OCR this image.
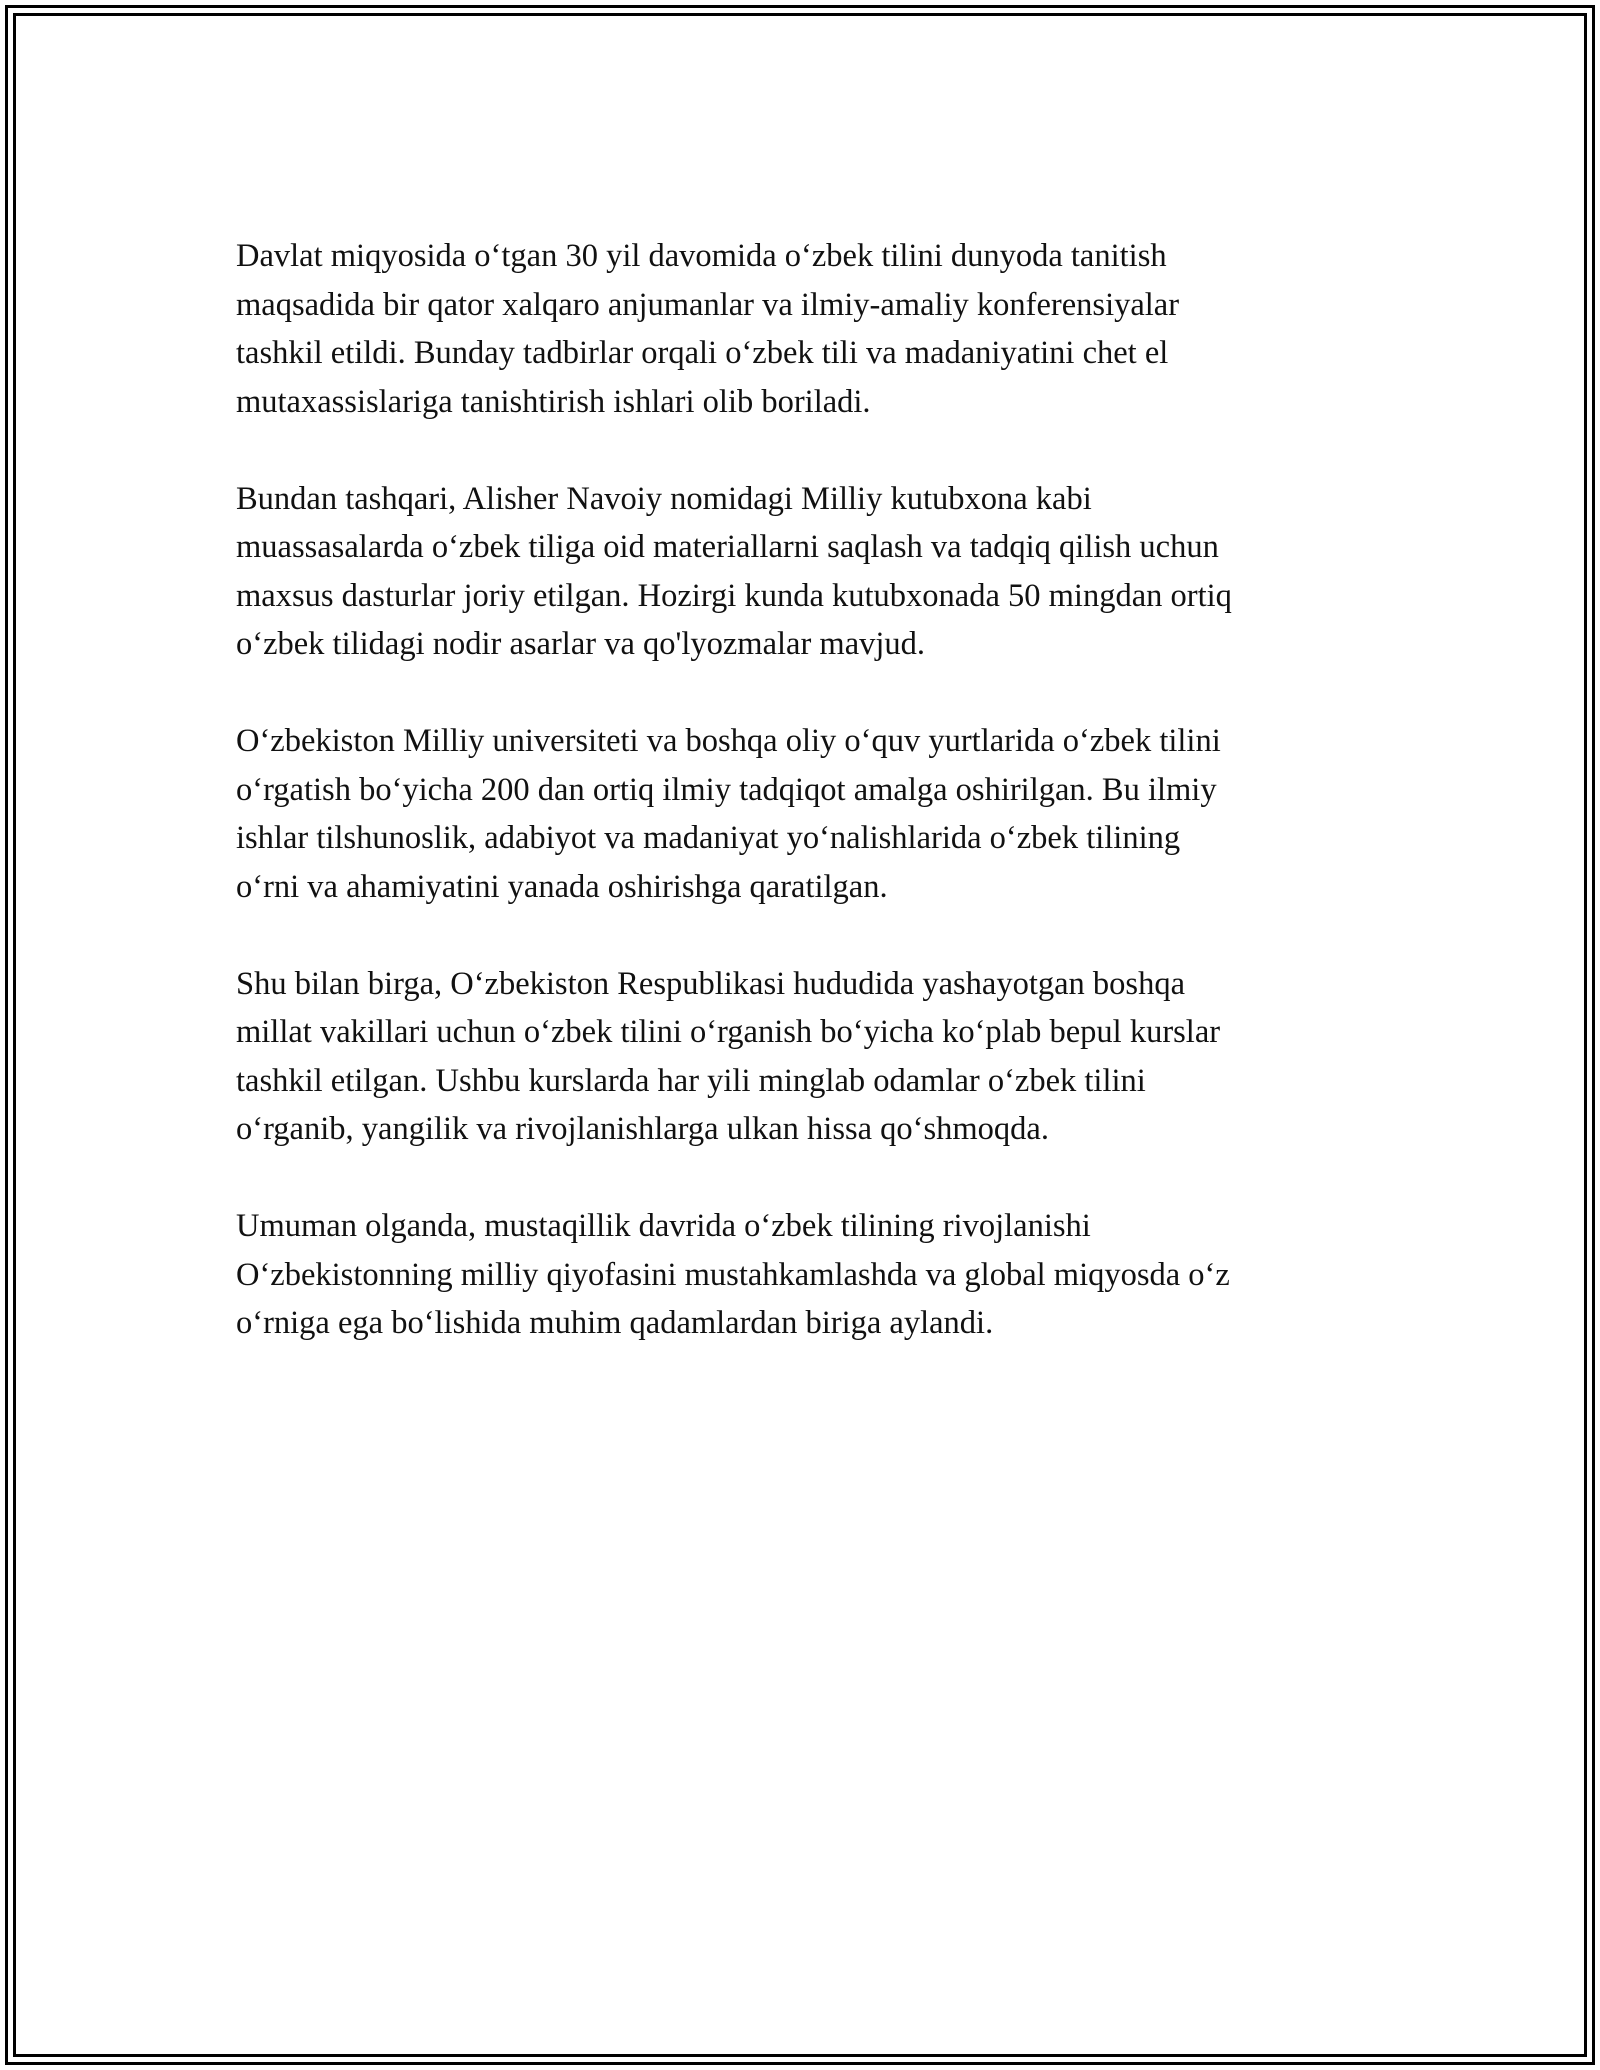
Davlat miqyosida o‘tgan 30 yil davomida o‘zbek tilini dunyoda tanitish
maqsadida bir qator xalqaro anjumanlar va ilmiy-amaliy konferensiyalar
tashkil etildi. Bunday tadbirlar orqali o‘zbek tili va madaniyatini chet el
mutaxassislariga tanishtirish ishlari olib boriladi.

Bundan tashqari, Alisher Navoiy nomidagi Milliy kutubxona kabi
muassasalarda o‘zbek tiliga oid materiallarni saqlash va tadqiq qilish uchun
maxsus dasturlar joriy etilgan. Hozirgi kunda kutubxonada 50 mingdan ortiq
o‘zbek tilidagi nodir asarlar va qo'lyozmalar mavjud.

O‘zbekiston Milliy universiteti va boshqa oliy o‘quv yurtlarida o‘zbek tilini
o‘rgatish bo‘yicha 200 dan ortiq ilmiy tadqiqot amalga oshirilgan. Bu ilmiy
ishlar tilshunoslik, adabiyot va madaniyat yo‘nalishlarida o‘zbek tilining
o‘rni va ahamiyatini yanada oshirishga qaratilgan.

Shu bilan birga, O‘zbekiston Respublikasi hududida yashayotgan boshqa
millat vakillari uchun o‘zbek tilini o‘rganish bo‘yicha ko‘plab bepul kurslar
tashkil etilgan. Ushbu kurslarda har yili minglab odamlar o‘zbek tilini
o‘rganib, yangilik va rivojlanishlarga ulkan hissa qo‘shmoqda.

Umuman olganda, mustaqillik davrida o‘zbek tilining rivojlanishi
O‘zbekistonning milliy qiyofasini mustahkamlashda va global miqyosda o‘z
o‘rniga ega bo‘lishida muhim qadamlardan biriga aylandi.
